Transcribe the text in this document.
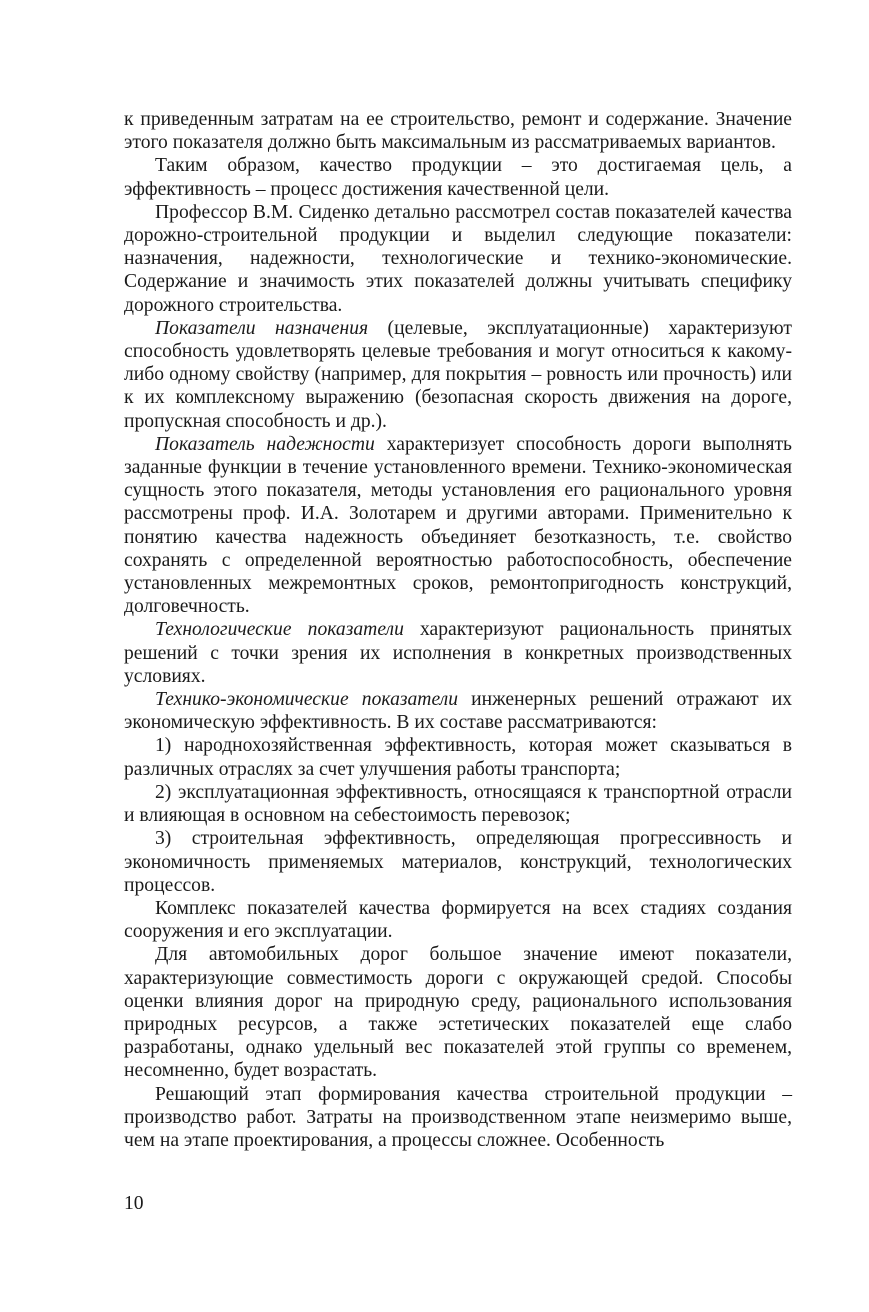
к приведенным затратам на ее строительство, ремонт и содержание. Значение этого показателя должно быть максимальным из рассматриваемых вариантов.

Таким образом, качество продукции – это достигаемая цель, а эффективность – процесс достижения качественной цели.

Профессор В.М. Сиденко детально рассмотрел состав показателей качества дорожно-строительной продукции и выделил следующие показатели: назначения, надежности, технологические и технико-экономические. Содержание и значимость этих показателей должны учитывать специфику дорожного строительства.

Показатели назначения (целевые, эксплуатационные) характеризуют способность удовлетворять целевые требования и могут относиться к какому-либо одному свойству (например, для покрытия – ровность или прочность) или к их комплексному выражению (безопасная скорость движения на дороге, пропускная способность и др.).

Показатель надежности характеризует способность дороги выполнять заданные функции в течение установленного времени. Технико-экономическая сущность этого показателя, методы установления его рационального уровня рассмотрены проф. И.А. Золотарем и другими авторами. Применительно к понятию качества надежность объединяет безотказность, т.е. свойство сохранять с определенной вероятностью работоспособность, обеспечение установленных межремонтных сроков, ремонтопригодность конструкций, долговечность.

Технологические показатели характеризуют рациональность принятых решений с точки зрения их исполнения в конкретных производственных условиях.

Технико-экономические показатели инженерных решений отражают их экономическую эффективность. В их составе рассматриваются:

1) народнохозяйственная эффективность, которая может сказываться в различных отраслях за счет улучшения работы транспорта;

2) эксплуатационная эффективность, относящаяся к транспортной отрасли и влияющая в основном на себестоимость перевозок;

3) строительная эффективность, определяющая прогрессивность и экономичность применяемых материалов, конструкций, технологических процессов.

Комплекс показателей качества формируется на всех стадиях создания сооружения и его эксплуатации.

Для автомобильных дорог большое значение имеют показатели, характеризующие совместимость дороги с окружающей средой. Способы оценки влияния дорог на природную среду, рационального использования природных ресурсов, а также эстетических показателей еще слабо разработаны, однако удельный вес показателей этой группы со временем, несомненно, будет возрастать.

Решающий этап формирования качества строительной продукции – производство работ. Затраты на производственном этапе неизмеримо выше, чем на этапе проектирования, а процессы сложнее. Особенность

10
